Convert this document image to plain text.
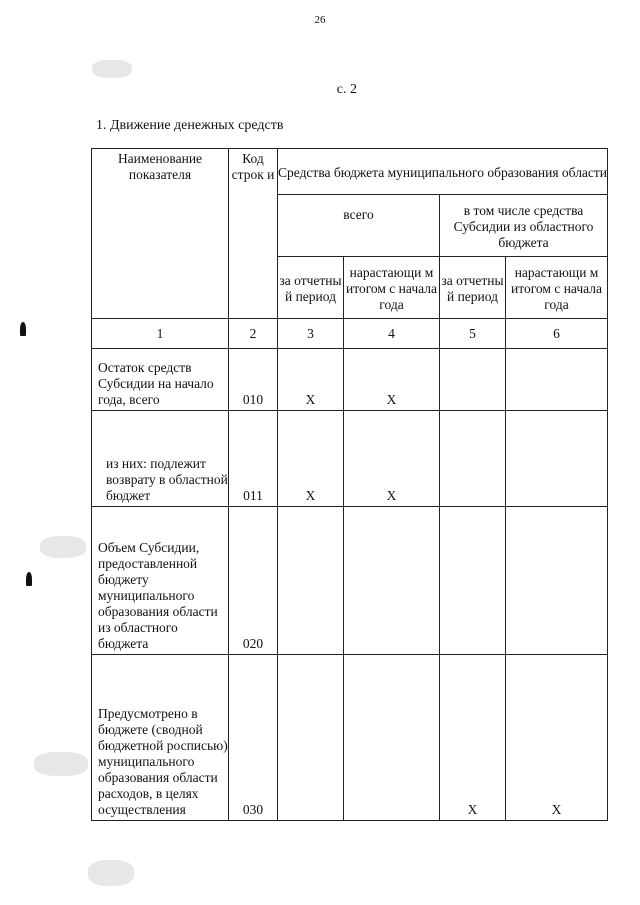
26
с. 2
1. Движение денежных средств
Наименование показателя	Код строк и	Средства бюджета муниципального образования области			
		всего		в том числе средства Субсидии из областного бюджета	
		за отчетны й период	нарастающи м итогом с начала года	за отчетны й период	нарастающи м итогом с начала года
1	2	3	4	5	6
Остаток средств Субсидии на начало года, всего	010	X	X		
из них: подлежит возврату в областной бюджет	011	X	X		
Объем Субсидии, предоставленной бюджету муниципального образования области из областного бюджета	020				
Предусмотрено в бюджете (сводной бюджетной росписью) муниципального образования области расходов, в целях осуществления	030			X	X
